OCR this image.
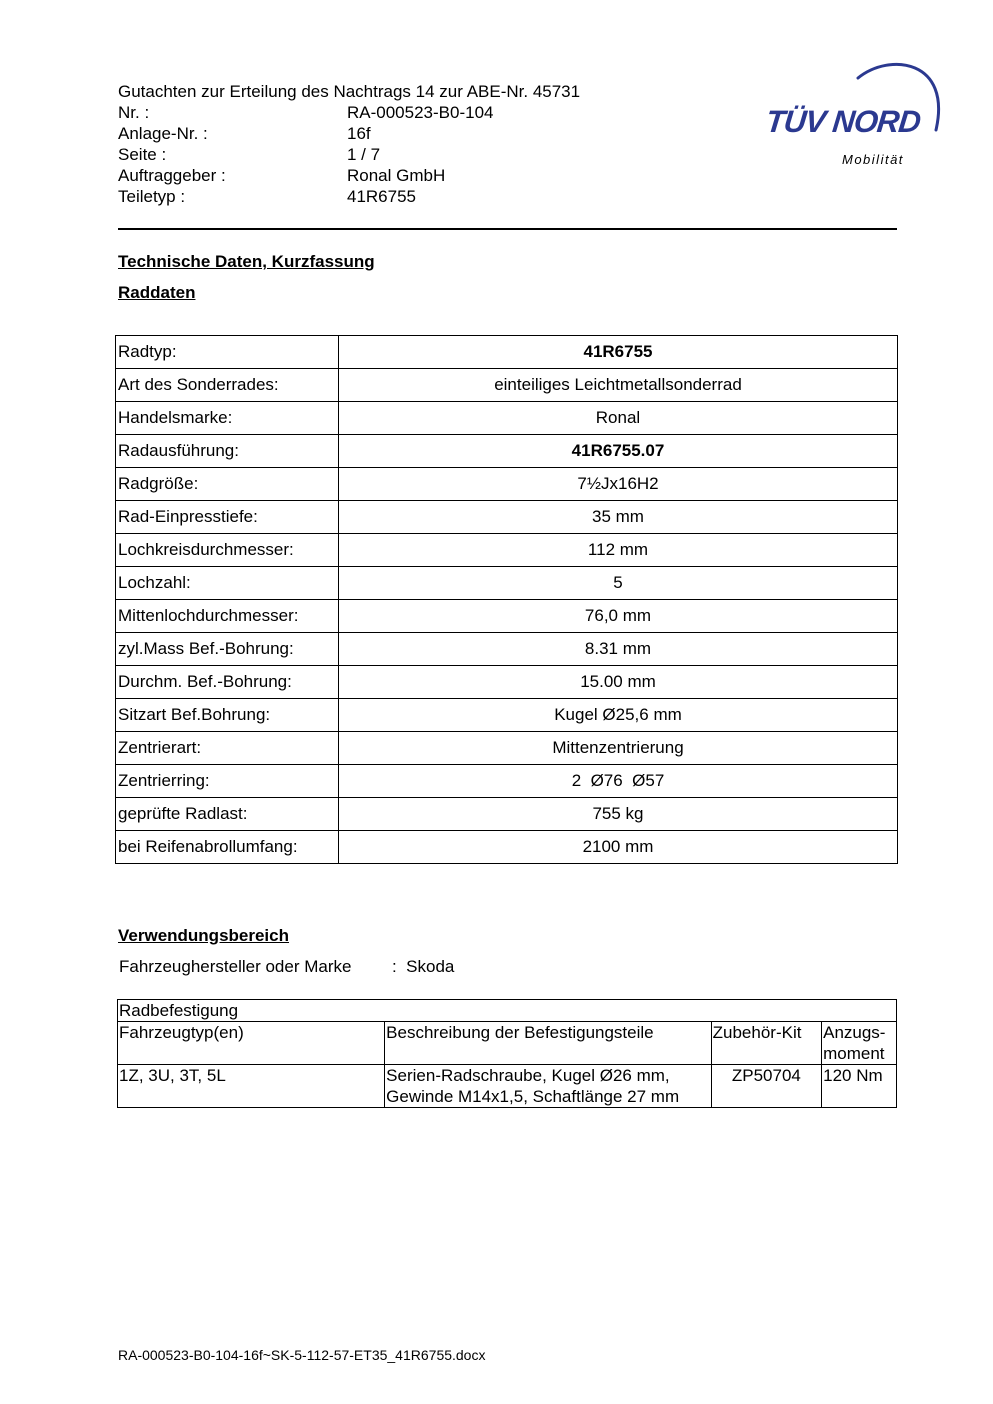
Gutachten zur Erteilung des Nachtrags 14 zur ABE-Nr. 45731
Nr. :	RA-000523-B0-104
Anlage-Nr. :	16f
Seite :	1 / 7
Auftraggeber :	Ronal GmbH
Teiletyp :	41R6755
TÜV NORD
Mobilität
Technische Daten, Kurzfassung
Raddaten
Radtyp:	41R6755
Art des Sonderrades:	einteiliges Leichtmetallsonderrad
Handelsmarke:	Ronal
Radausführung:	41R6755.07
Radgröße:	7½Jx16H2
Rad-Einpresstiefe:	35 mm
Lochkreisdurchmesser:	112 mm
Lochzahl:	5
Mittenlochdurchmesser:	76,0 mm
zyl.Mass Bef.-Bohrung:	8.31 mm
Durchm. Bef.-Bohrung:	15.00 mm
Sitzart Bef.Bohrung:	Kugel Ø25,6 mm
Zentrierart:	Mittenzentrierung
Zentrierring:	2  Ø76  Ø57
geprüfte Radlast:	755 kg
bei Reifenabrollumfang:	2100 mm
Verwendungsbereich
Fahrzeughersteller oder Marke :  Skoda
Radbefestigung			
Fahrzeugtyp(en)	Beschreibung der Befestigungsteile	Zubehör-Kit	Anzugs-
moment

1Z, 3U, 3T, 5L	Serien-Radschraube, Kugel Ø26 mm,
Gewinde M14x1,5, Schaftlänge 27 mm	ZP50704	120 Nm
RA-000523-B0-104-16f~SK-5-112-57-ET35_41R6755.docx
